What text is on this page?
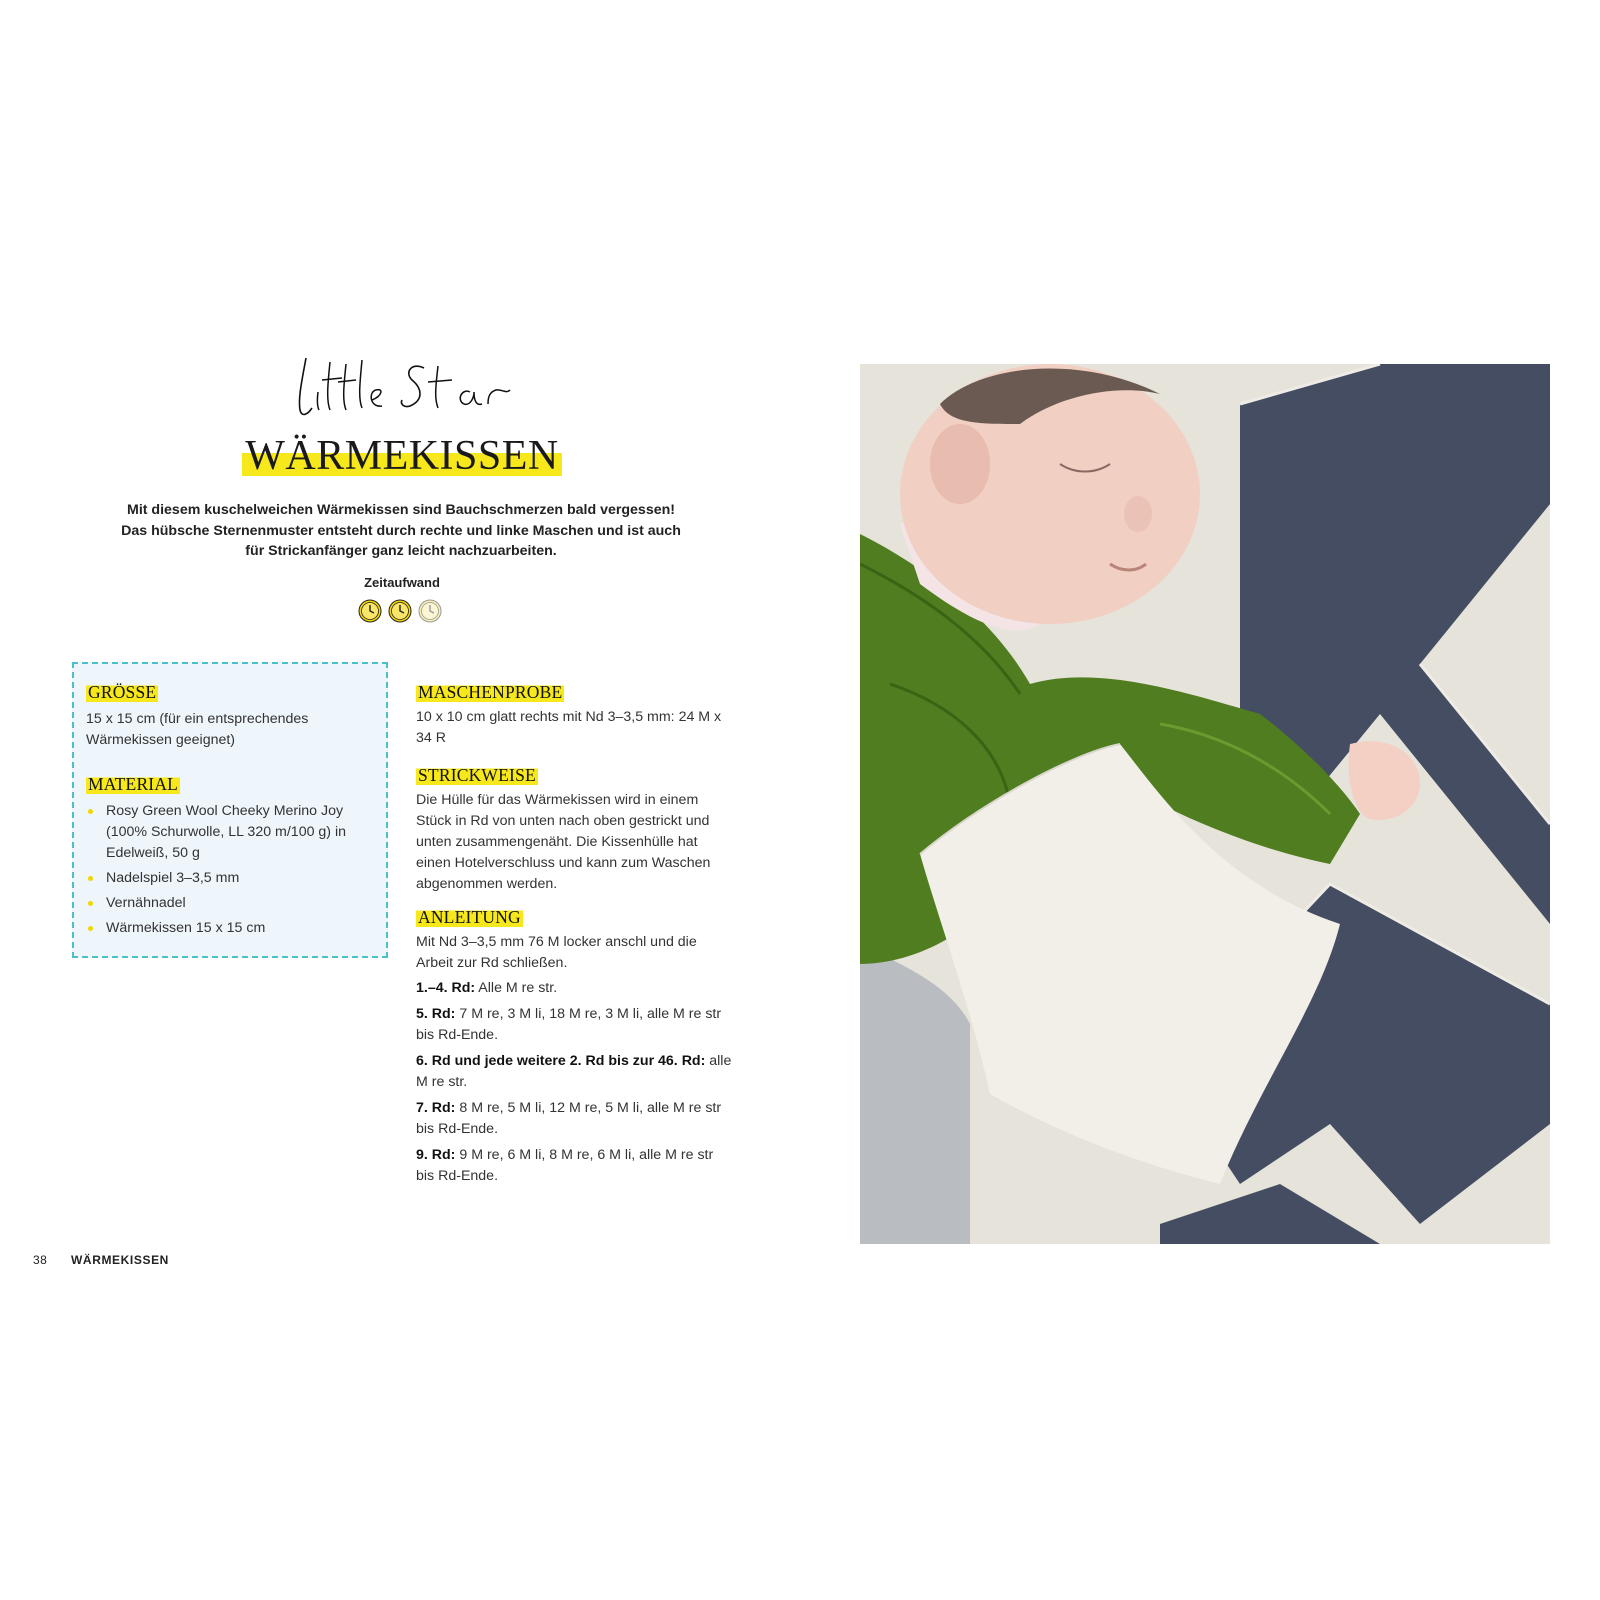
WÄRMEKISSEN
Mit diesem kuschelweichen Wärmekissen sind Bauchschmerzen bald vergessen! Das hübsche Sternenmuster entsteht durch rechte und linke Maschen und ist auch für Strickanfänger ganz leicht nachzuarbeiten.
Zeitaufwand
GRÖSSE
15 x 15 cm (für ein entsprechendes Wärmekissen geeignet)
MATERIAL
Rosy Green Wool Cheeky Merino Joy (100% Schurwolle, LL 320 m/100 g) in Edelweiß, 50 g
Nadelspiel 3–3,5 mm
Vernähnadel
Wärmekissen 15 x 15 cm
MASCHENPROBE
10 x 10 cm glatt rechts mit Nd 3–3,5 mm: 24 M x 34 R
STRICKWEISE
Die Hülle für das Wärmekissen wird in einem Stück in Rd von unten nach oben gestrickt und unten zusammengenäht. Die Kissenhülle hat einen Hotelverschluss und kann zum Waschen abgenommen werden.
ANLEITUNG
Mit Nd 3–3,5 mm 76 M locker anschl und die Arbeit zur Rd schließen.
1.–4. Rd: Alle M re str.
5. Rd: 7 M re, 3 M li, 18 M re, 3 M li, alle M re str bis Rd-Ende.
6. Rd und jede weitere 2. Rd bis zur 46. Rd: alle M re str.
7. Rd: 8 M re, 5 M li, 12 M re, 5 M li, alle M re str bis Rd-Ende.
9. Rd: 9 M re, 6 M li, 8 M re, 6 M li, alle M re str bis Rd-Ende.
38 WÄRMEKISSEN
